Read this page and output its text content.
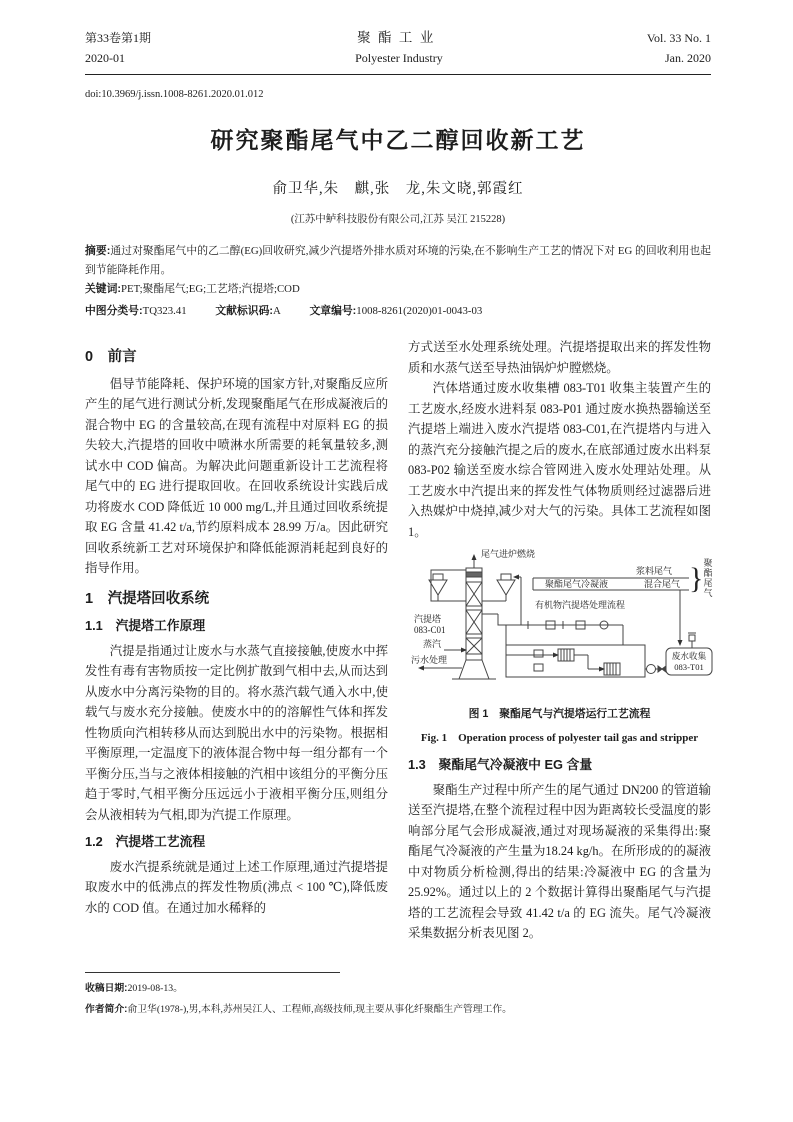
第33卷第1期
2020-01
聚酯工业
Polyester Industry
Vol. 33 No. 1
Jan. 2020
doi:10.3969/j.issn.1008-8261.2020.01.012
研究聚酯尾气中乙二醇回收新工艺
俞卫华,朱　麒,张　龙,朱文晓,郭霞红
(江苏中鲈科技股份有限公司,江苏 吴江 215228)
摘要:通过对聚酯尾气中的乙二醇(EG)回收研究,减少汽提塔外排水质对环境的污染,在不影响生产工艺的情况下对 EG 的回收利用也起到节能降耗作用。
关键词:PET;聚酯尾气;EG;工艺塔;汽提塔;COD
中图分类号:TQ323.41	文献标识码:A	文章编号:1008-8261(2020)01-0043-03
0　前言

倡导节能降耗、保护环境的国家方针,对聚酯反应所产生的尾气进行测试分析,发现聚酯尾气在形成凝液后的混合物中 EG 的含量较高,在现有流程中对原料 EG 的损失较大,汽提塔的回收中喷淋水所需要的耗氧量较多,测试水中 COD 偏高。为解决此问题重新设计工艺流程将尾气中的 EG 进行提取回收。在回收系统设计实践后成功将废水 COD 降低近 10 000 mg/L,并且通过回收系统提取 EG 含量 41.42 t/a,节约原料成本 28.99 万/a。因此研究回收系统新工艺对环境保护和降低能源消耗起到良好的指导作用。

1　汽提塔回收系统
1.1　汽提塔工作原理

汽提是指通过让废水与水蒸气直接接触,使废水中挥发性有毒有害物质按一定比例扩散到气相中去,从而达到从废水中分离污染物的目的。将水蒸汽载气通入水中,使载气与废水充分接触。使废水中的的溶解性气体和挥发性物质向汽相转移从而达到脱出水中的污染物。根据相平衡原理,一定温度下的液体混合物中每一组分都有一个平衡分压,当与之液体相接触的汽相中该组分的平衡分压趋于零时,气相平衡分压远远小于液相平衡分压,则组分会从液相转为气相,即为汽提工作原理。

1.2　汽提塔工艺流程

废水汽提系统就是通过上述工作原理,通过汽提塔提取废水中的低沸点的挥发性物质(沸点 < 100 ℃),降低废水的 COD 值。在通过加水稀释的

方式送至水处理系统处理。汽提塔提取出来的挥发性物质和水蒸气送至导热油锅炉炉膛燃烧。

汽体塔通过废水收集槽 083-T01 收集主装置产生的工艺废水,经废水进料泵 083-P01 通过废水换热器输送至汽提塔上端进入废水汽提塔 083-C01,在汽提塔内与进入的蒸汽充分接触汽提之后的废水,在底部通过废水出料泵 083-P02 输送至废水综合管网进入废水处理站处理。从工艺废水中汽提出来的挥发性气体物质则经过滤器后进入热媒炉中烧掉,减少对大气的污染。具体工艺流程如图 1。

尾气进炉燃烧
汽提塔
083-C01
蒸汽
污水处理
有机物汽提塔处理流程
聚酯尾气冷凝液
浆料尾气
混合尾气 } 聚酯尾气
废水收集
083-T01
图 1　聚酯尾气与汽提塔运行工艺流程
Fig. 1　Operation process of polyester tail gas and stripper
1.3　聚酯尾气冷凝液中 EG 含量

聚酯生产过程中所产生的尾气通过 DN200 的管道输送至汽提塔,在整个流程过程中因为距离较长受温度的影响部分尾气会形成凝液,通过对现场凝液的采集得出:聚酯尾气冷凝液的产生量为18.24 kg/h。在所形成的的凝液中对物质分析检测,得出的结果:冷凝液中 EG 的含量为 25.92%。通过以上的 2 个数据计算得出聚酯尾气与汽提塔的工艺流程会导致 41.42 t/a 的 EG 流失。尾气冷凝液采集数据分析表见图 2。

收稿日期:2019-08-13。
作者简介:俞卫华(1978-),男,本科,苏州吴江人、工程师,高级技师,现主要从事化纤聚酯生产管理工作。
